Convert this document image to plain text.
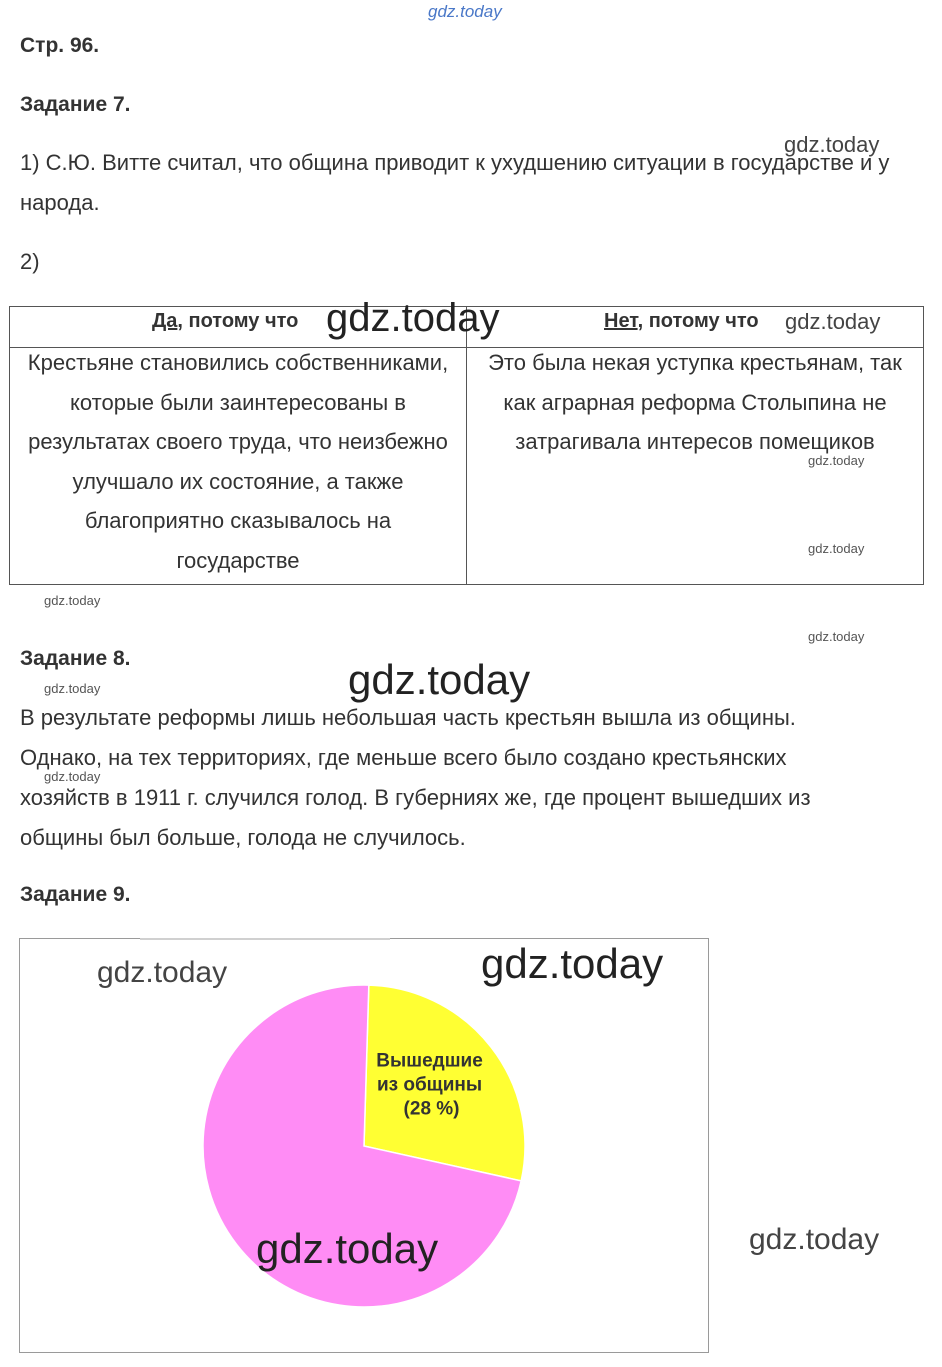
gdz.today
Стр. 96.
Задание 7.
gdz.today
1) С.Ю. Витте считал, что община приводит к ухудшению ситуации в государстве и у народа.
2)
Да, потому что	Нет, потому что

Крестьяне становились собственниками, которые были заинтересованы в результатах своего труда, что неизбежно улучшало их состояние, а также благоприятно сказывалось на государстве	Это была некая уступка крестьянам, так как аграрная реформа Столыпина не затрагивала интересов помещиков
gdz.today	gdz.today
gdz.today
gdz.today
gdz.today
gdz.today
Задание 8.
gdz.today	gdz.today
В результате реформы лишь небольшая часть крестьян вышла из общины. Однако, на тех территориях, где меньше всего было создано крестьянских хозяйств в 1911 г. случился голод. В губерниях же, где процент вышедших из общины был больше, голода не случилось.
gdz.today
Задание 9.
Вышедшие
из общины
(28 %)
gdz.today	gdz.today
gdz.today
gdz.today
